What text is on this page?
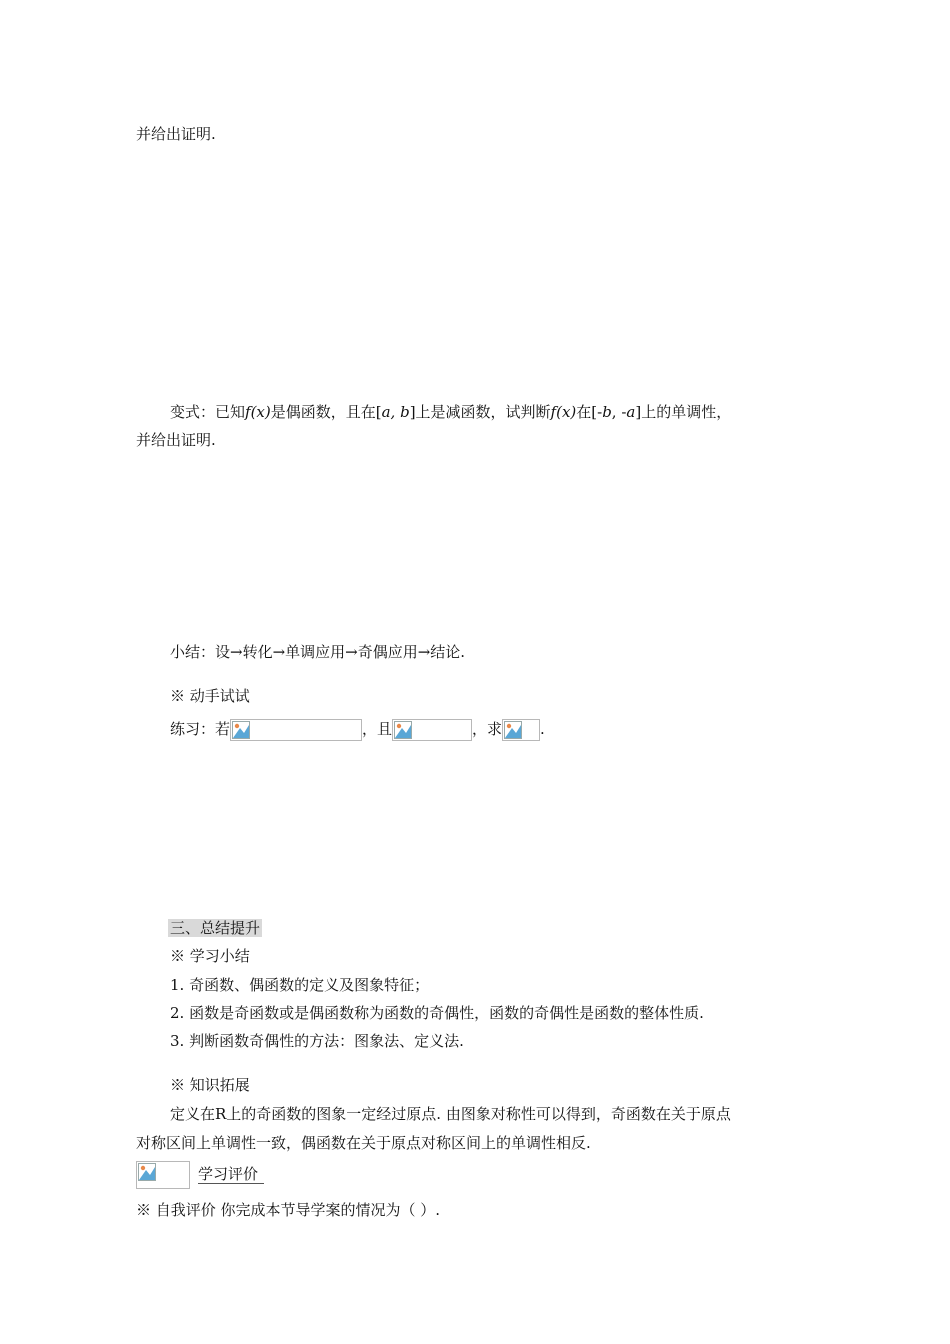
并给出证明.
变式：已知f(x)是偶函数，且在[a, b]上是减函数，试判断f(x)在[-b, -a]上的单调性，
并给出证明.
小结：设→转化→单调应用→奇偶应用→结论.
※ 动手试试
练习：若	，且	，求	.
三、总结提升
※ 学习小结
1. 奇函数、偶函数的定义及图象特征；
2. 函数是奇函数或是偶函数称为函数的奇偶性，函数的奇偶性是函数的整体性质.
3. 判断函数奇偶性的方法：图象法、定义法.
※ 知识拓展
定义在R上的奇函数的图象一定经过原点. 由图象对称性可以得到，奇函数在关于原点
对称区间上单调性一致，偶函数在关于原点对称区间上的单调性相反.
学习评价
※ 自我评价 你完成本节导学案的情况为（ ）.
